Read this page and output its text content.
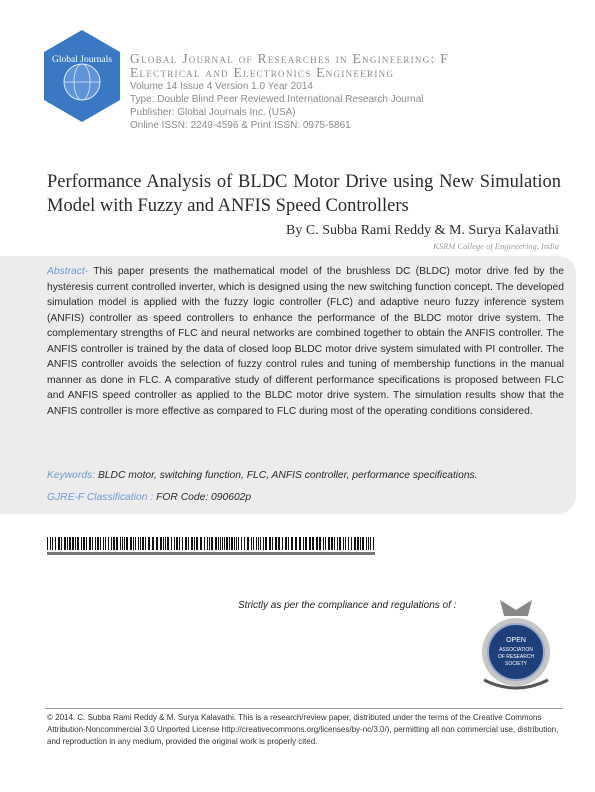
Global Journals Global Journal of Researches in Engineering: F
Electrical and Electronics Engineering
Volume 14 Issue 4 Version 1.0 Year 2014
Type: Double Blind Peer Reviewed International Research Journal
Publisher: Global Journals Inc. (USA)
Online ISSN: 2249-4596 & Print ISSN: 0975-5861
Performance Analysis of BLDC Motor Drive using New Simulation Model with Fuzzy and ANFIS Speed Controllers
By C. Subba Rami Reddy & M. Surya Kalavathi
KSRM College of Engineering, India
Abstract- This paper presents the mathematical model of the brushless DC (BLDC) motor drive fed by the hysteresis current controlled inverter, which is designed using the new switching function concept. The developed simulation model is applied with the fuzzy logic controller (FLC) and adaptive neuro fuzzy inference system (ANFIS) controller as speed controllers to enhance the performance of the BLDC motor drive system. The complementary strengths of FLC and neural networks are combined together to obtain the ANFIS controller. The ANFIS controller is trained by the data of closed loop BLDC motor drive system simulated with PI controller. The ANFIS controller avoids the selection of fuzzy control rules and tuning of membership functions in the manual manner as done in FLC. A comparative study of different performance specifications is proposed between FLC and ANFIS speed controller as applied to the BLDC motor drive system. The simulation results show that the ANFIS controller is more effective as compared to FLC during most of the operating conditions considered.
Keywords: BLDC motor, switching function, FLC, ANFIS controller, performance specifications.
GJRE-F Classification : FOR Code: 090602p
Strictly as per the compliance and regulations of :
OPEN
ASSOCIATION
OF RESEARCH
SOCIETY
© 2014. C. Subba Rami Reddy & M. Surya Kalavathi. This is a research/review paper, distributed under the terms of the Creative Commons Attribution-Noncommercial 3.0 Unported License http://creativecommons.org/licenses/by-nc/3.0/), permitting all non commercial use, distribution, and reproduction in any medium, provided the original work is properly cited.
